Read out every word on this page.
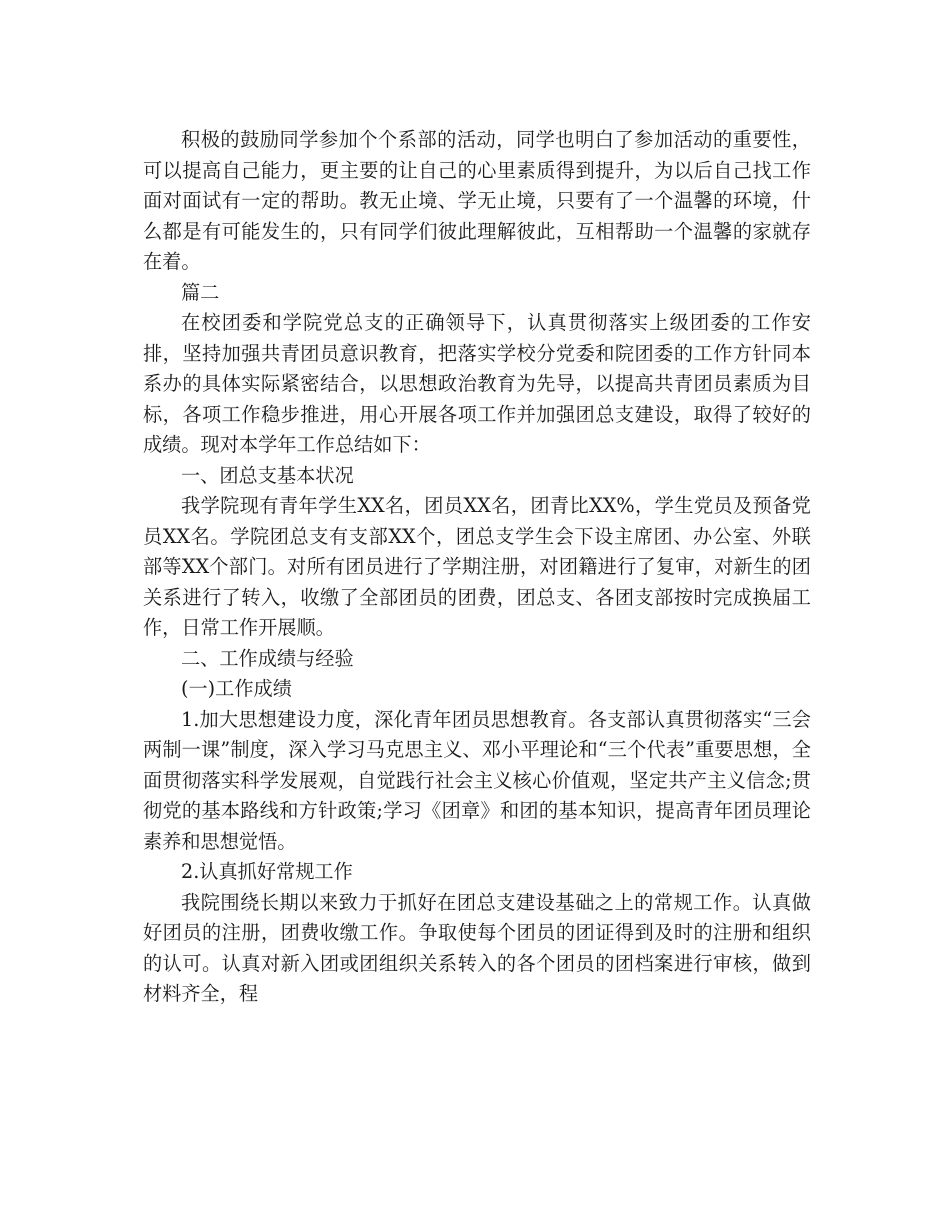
积极的鼓励同学参加个个系部的活动，同学也明白了参加活动的重要性，可以提高自己能力，更主要的让自己的心里素质得到提升，为以后自己找工作面对面试有一定的帮助。教无止境、学无止境，只要有了一个温馨的环境，什么都是有可能发生的，只有同学们彼此理解彼此，互相帮助一个温馨的家就存在着。

篇二

在校团委和学院党总支的正确领导下，认真贯彻落实上级团委的工作安排，坚持加强共青团员意识教育，把落实学校分党委和院团委的工作方针同本系办的具体实际紧密结合，以思想政治教育为先导，以提高共青团员素质为目标，各项工作稳步推进，用心开展各项工作并加强团总支建设，取得了较好的成绩。现对本学年工作总结如下：

一、团总支基本状况

我学院现有青年学生XX名，团员XX名，团青比XX%，学生党员及预备党员XX名。学院团总支有支部XX个，团总支学生会下设主席团、办公室、外联部等XX个部门。对所有团员进行了学期注册，对团籍进行了复审，对新生的团关系进行了转入，收缴了全部团员的团费，团总支、各团支部按时完成换届工作，日常工作开展顺。

二、工作成绩与经验

(一)工作成绩

1.加大思想建设力度，深化青年团员思想教育。各支部认真贯彻落实“三会两制一课”制度，深入学习马克思主义、邓小平理论和“三个代表”重要思想，全面贯彻落实科学发展观，自觉践行社会主义核心价值观，坚定共产主义信念;贯彻党的基本路线和方针政策;学习《团章》和团的基本知识，提高青年团员理论素养和思想觉悟。

2.认真抓好常规工作

我院围绕长期以来致力于抓好在团总支建设基础之上的常规工作。认真做好团员的注册，团费收缴工作。争取使每个团员的团证得到及时的注册和组织的认可。认真对新入团或团组织关系转入的各个团员的团档案进行审核，做到材料齐全，程
